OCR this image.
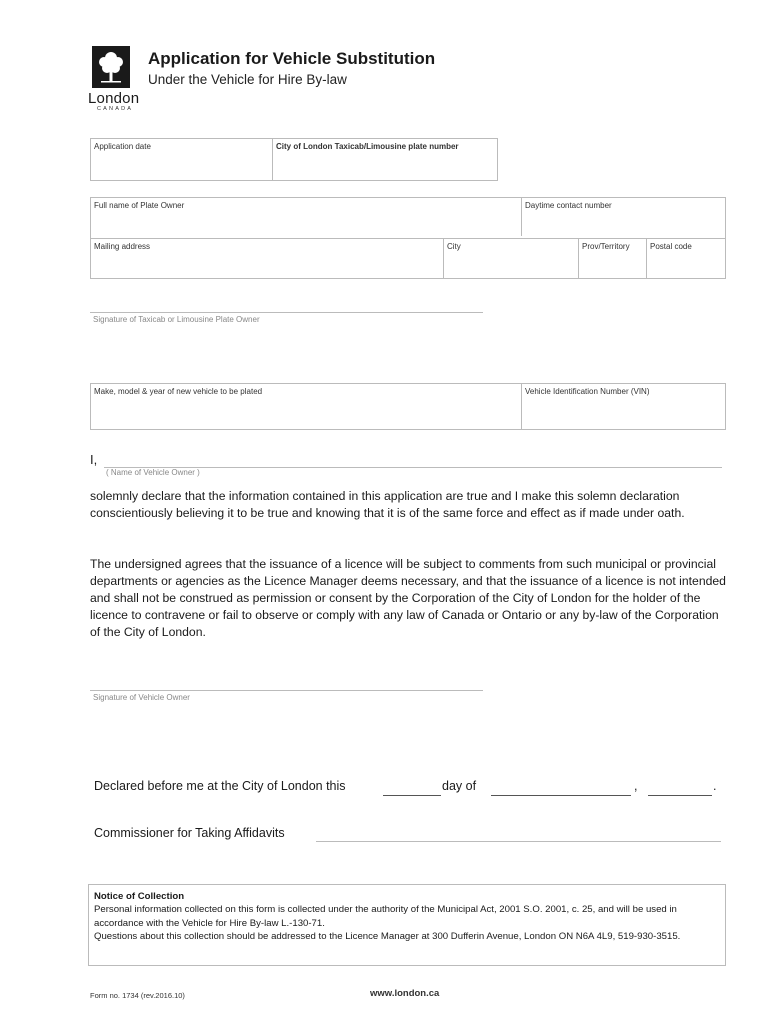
London
CANADA
Application for Vehicle Substitution
Under the Vehicle for Hire By-law
Application date	City of London Taxicab/Limousine plate number
Full name of Plate Owner	Daytime contact number
Mailing address	City	Prov/Territory	Postal code
Signature of Taxicab or Limousine Plate Owner
Make, model & year of new vehicle to be plated	Vehicle Identification Number (VIN)
I,
( Name of Vehicle Owner )
solemnly declare that the information contained in this application are true and I make this solemn declaration conscientiously believing it to be true and knowing that it is of the same force and effect as if made under oath.
The undersigned agrees that the issuance of a licence will be subject to comments from such municipal or provincial departments or agencies as the Licence Manager deems necessary, and that the issuance of a licence is not intended and shall not be construed as permission or consent by the Corporation of the City of London for the holder of the licence to contravene or fail to observe or comply with any law of Canada or Ontario or any by-law of the Corporation of the City of London.
Signature of Vehicle Owner
Declared before me at the City of London this	day of	,	.
Commissioner for Taking Affidavits
Notice of Collection
Personal information collected on this form is collected under the authority of the Municipal Act, 2001 S.O. 2001, c. 25, and will be used in accordance with the Vehicle for Hire By-law L.-130-71.
Questions about this collection should be addressed to the Licence Manager at 300 Dufferin Avenue, London ON N6A 4L9, 519-930-3515.
Form no. 1734 (rev.2016.10)	www.london.ca
